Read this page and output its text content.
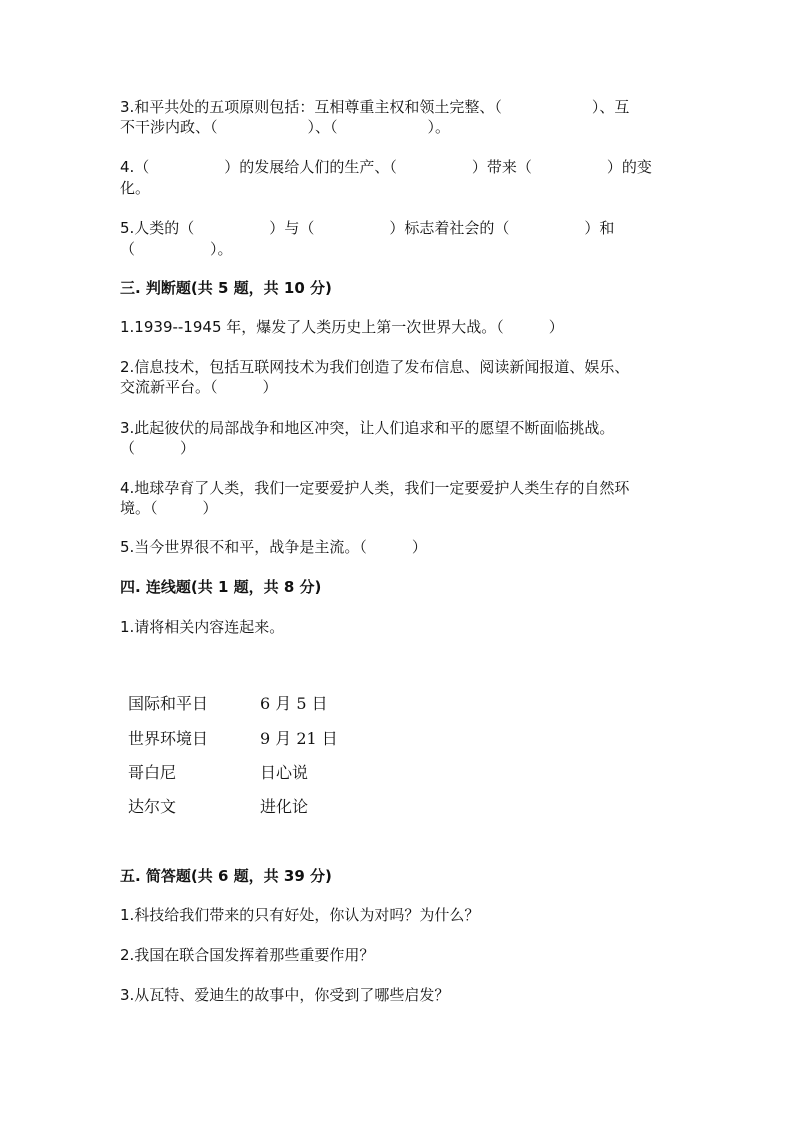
3.和平共处的五项原则包括：互相尊重主权和领土完整、（　　　　　　）、互
不干涉内政、（　　　　　　）、（　　　　　　）。
4.（　　　　　）的发展给人们的生产、（　　　　　）带来（　　　　　）的变
化。
5.人类的（　　　　　）与（　　　　　）标志着社会的（　　　　　）和
（　　　　　）。
三. 判断题(共 5 题，共 10 分)
1.1939--1945 年，爆发了人类历史上第一次世界大战。（　　　）
2.信息技术，包括互联网技术为我们创造了发布信息、阅读新闻报道、娱乐、
交流新平台。（　　　）
3.此起彼伏的局部战争和地区冲突，让人们追求和平的愿望不断面临挑战。
（　　　）
4.地球孕育了人类，我们一定要爱护人类，我们一定要爱护人类生存的自然环
境。（　　　）
5.当今世界很不和平，战争是主流。（　　　）
四. 连线题(共 1 题，共 8 分)
1.请将相关内容连起来。
国际和平日	6 月 5 日
世界环境日	9 月 21 日
哥白尼	日心说
达尔文	进化论
五. 简答题(共 6 题，共 39 分)
1.科技给我们带来的只有好处，你认为对吗？为什么？
2.我国在联合国发挥着那些重要作用？
3.从瓦特、爱迪生的故事中，你受到了哪些启发？
